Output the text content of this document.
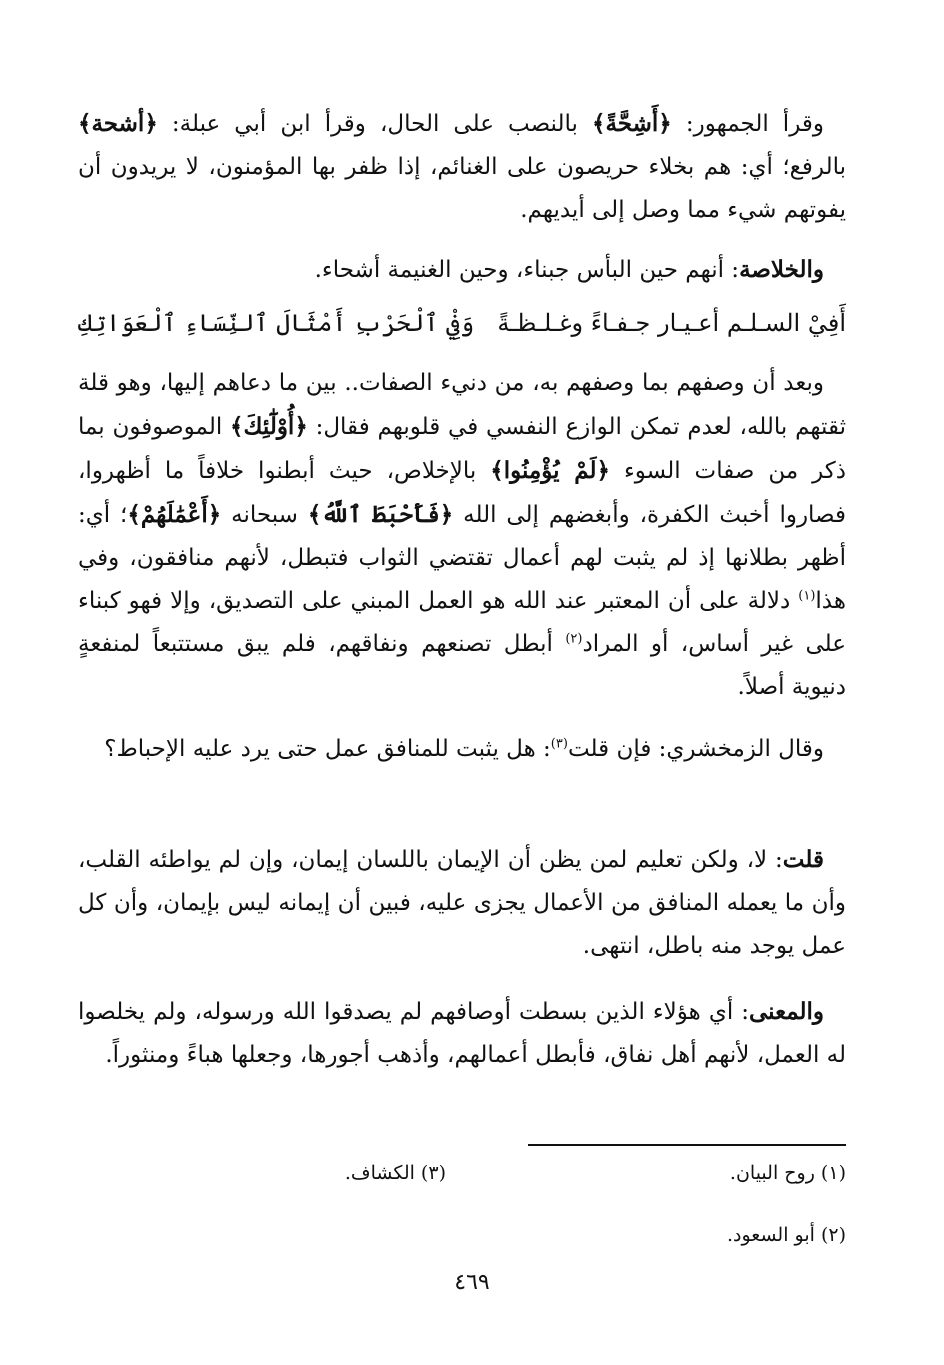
وقرأ الجمهور: ﴿أَشِحَّةً﴾ بالنصب على الحال، وقرأ ابن أبي عبلة: ﴿أشحة﴾ بالرفع؛ أي: هم بخلاء حريصون على الغنائم، إذا ظفر بها المؤمنون، لا يريدون أن يفوتهم شيء مما وصل إلى أيديهم.

والخلاصة: أنهم حين البأس جبناء، وحين الغنيمة أشحاء.

أَفِيْ السـلـم أعـيـار جـفـاءً وغـلـظـةً
وَفِيْ ٱلْحَرْبِ أَمْثَالَ ٱلنِّسَاءِ ٱلْعَوَاتِكِ

وبعد أن وصفهم بما وصفهم به، من دنيء الصفات.. بين ما دعاهم إليها، وهو قلة ثقتهم بالله، لعدم تمكن الوازع النفسي في قلوبهم فقال: ﴿أُوْلَٰٓئِكَ﴾ الموصوفون بما ذكر من صفات السوء ﴿لَمْ يُؤْمِنُوا﴾ بالإخلاص، حيث أبطنوا خلافاً ما أظهروا، فصاروا أخبث الكفرة، وأبغضهم إلى الله ﴿فَأَحْبَطَ ٱللَّهُ﴾ سبحانه ﴿أَعْمَٰلَهُمْ﴾؛ أي: أظهر بطلانها إذ لم يثبت لهم أعمال تقتضي الثواب فتبطل، لأنهم منافقون، وفي هذا$^{(١)}$ دلالة على أن المعتبر عند الله هو العمل المبني على التصديق، وإلا فهو كبناء على غير أساس، أو المراد$^{(٢)}$ أبطل تصنعهم ونفاقهم، فلم يبق مستتبعاً لمنفعةٍ دنيوية أصلاً.

وقال الزمخشري: فإن قلت$^{(٣)}$: هل يثبت للمنافق عمل حتى يرد عليه الإحباط؟

قلت: لا، ولكن تعليم لمن يظن أن الإيمان باللسان إيمان، وإن لم يواطئه القلب، وأن ما يعمله المنافق من الأعمال يجزى عليه، فبين أن إيمانه ليس بإيمان، وأن كل عمل يوجد منه باطل، انتهى.

والمعنى: أي هؤلاء الذين بسطت أوصافهم لم يصدقوا الله ورسوله، ولم يخلصوا له العمل، لأنهم أهل نفاق، فأبطل أعمالهم، وأذهب أجورها، وجعلها هباءً ومنثوراً.

(١) روح البيان.
(٣) الكشاف.
(٢) أبو السعود.
٤٦٩
